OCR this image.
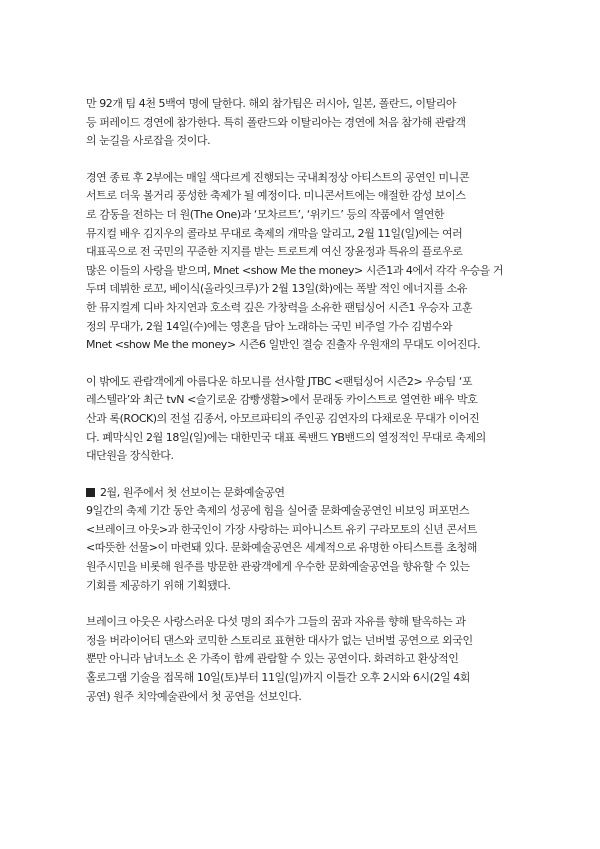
만 92개 팀 4천 5백여 명에 달한다. 해외 참가팀은 러시아, 일본, 폴란드, 이탈리아
등 퍼레이드 경연에 참가한다. 특히 폴란드와 이탈리아는 경연에 처음 참가해 관람객
의 눈길을 사로잡을 것이다.
경연 종료 후 2부에는 매일 색다르게 진행되는 국내최정상 아티스트의 공연인 미니콘
서트로 더욱 볼거리 풍성한 축제가 될 예정이다. 미니콘서트에는 애절한 감성 보이스
로 감동을 전하는 더 원(The One)과 ‘모차르트’, ‘위키드’ 등의 작품에서 열연한
뮤지컬 배우 김지우의 콜라보 무대로 축제의 개막을 알리고, 2월 11일(일)에는 여러
대표곡으로 전 국민의 꾸준한 지지를 받는 트로트계 여신 장윤정과 특유의 플로우로
많은 이들의 사랑을 받으며, Mnet <show Me the money> 시즌1과 4에서 각각 우승을 거
두며 데뷔한 로꼬, 베이식(올라잇크루)가 2월 13일(화)에는 폭발 적인 에너지를 소유
한 뮤지컬계 디바 차지연과 호소력 깊은 가창력을 소유한 팬텀싱어 시즌1 우승자 고훈
정의 무대가, 2월 14일(수)에는 영혼을 담아 노래하는 국민 비주얼 가수 김범수와
Mnet <show Me the money> 시즌6 일반인 결승 진출자 우원재의 무대도 이어진다.
이 밖에도 관람객에게 아름다운 하모니를 선사할 JTBC <팬텀싱어 시즌2> 우승팀 ‘포
레스텔라’와 최근 tvN <슬기로운 감빵생활>에서 문래동 카이스트로 열연한 배우 박호
산과 록(ROCK)의 전설 김종서, 아모르파티의 주인공 김연자의 다채로운 무대가 이어진
다. 폐막식인 2월 18일(일)에는 대한민국 대표 록밴드 YB밴드의 열정적인 무대로 축제의
대단원을 장식한다.
2월, 원주에서 첫 선보이는 문화예술공연
9일간의 축제 기간 동안 축제의 성공에 힘을 실어줄 문화예술공연인 비보잉 퍼포먼스
<브레이크 아웃>과 한국인이 가장 사랑하는 피아니스트 유키 구라모토의 신년 콘서트
<따뜻한 선물>이 마련돼 있다. 문화예술공연은 세계적으로 유명한 아티스트를 초청해
원주시민을 비롯해 원주를 방문한 관광객에게 우수한 문화예술공연을 향유할 수 있는
기회를 제공하기 위해 기획됐다.
브레이크 아웃은 사랑스러운 다섯 명의 죄수가 그들의 꿈과 자유를 향해 탈옥하는 과
정을 버라이어티 댄스와 코믹한 스토리로 표현한 대사가 없는 넌버벌 공연으로 외국인
뿐만 아니라 남녀노소 온 가족이 함께 관람할 수 있는 공연이다. 화려하고 환상적인
홀로그램 기술을 접목해 10일(토)부터 11일(일)까지 이틀간 오후 2시와 6시(2일 4회
공연) 원주 치악예술관에서 첫 공연을 선보인다.
